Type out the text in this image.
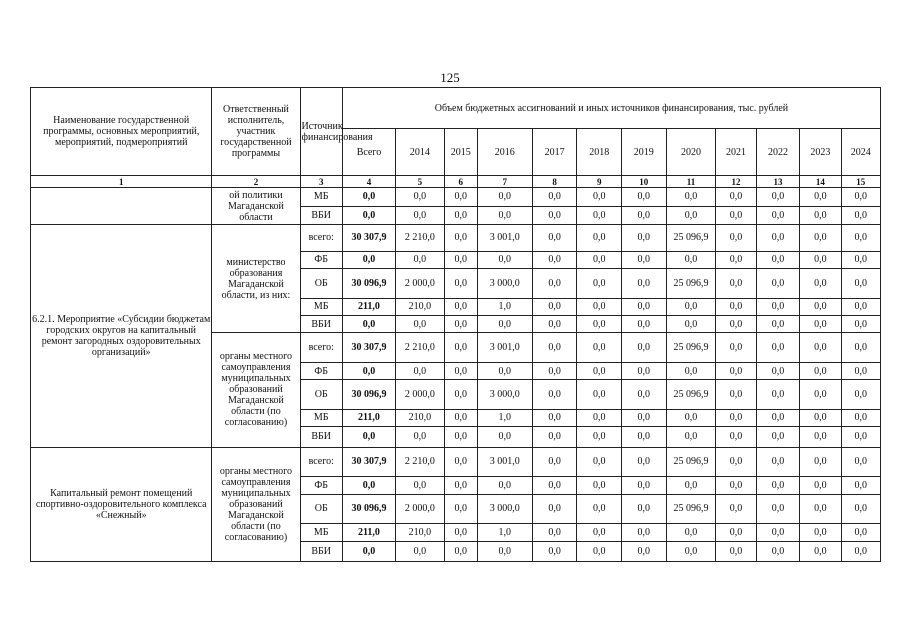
125
Наименование государственной программы, основных мероприятий, мероприятий, подмероприятий	Ответственный исполнитель, участник государственной программы	Источник финансирования	Объем бюджетных ассигнований и иных источников финансирования, тыс. рублей											
			Всего	2014	2015	2016	2017	2018	2019	2020	2021	2022	2023	2024
1	2	3	4	5	6	7	8	9	10	11	12	13	14	15
	ой политики Магаданской области	МБ	0,0	0,0	0,0	0,0	0,0	0,0	0,0	0,0	0,0	0,0	0,0	0,0
		ВБИ	0,0	0,0	0,0	0,0	0,0	0,0	0,0	0,0	0,0	0,0	0,0	0,0
6.2.1. Мероприятие «Субсидии бюджетам городских округов на капитальный ремонт загородных оздоровительных организаций»	министерство образования Магаданской области, из них:	всего:	30 307,9	2 210,0	0,0	3 001,0	0,0	0,0	0,0	25 096,9	0,0	0,0	0,0	0,0
		ФБ	0,0	0,0	0,0	0,0	0,0	0,0	0,0	0,0	0,0	0,0	0,0	0,0
		ОБ	30 096,9	2 000,0	0,0	3 000,0	0,0	0,0	0,0	25 096,9	0,0	0,0	0,0	0,0
		МБ	211,0	210,0	0,0	1,0	0,0	0,0	0,0	0,0	0,0	0,0	0,0	0,0
		ВБИ	0,0	0,0	0,0	0,0	0,0	0,0	0,0	0,0	0,0	0,0	0,0	0,0
	органы местного самоуправления муниципальных образований Магаданской области (по согласованию)	всего:	30 307,9	2 210,0	0,0	3 001,0	0,0	0,0	0,0	25 096,9	0,0	0,0	0,0	0,0
		ФБ	0,0	0,0	0,0	0,0	0,0	0,0	0,0	0,0	0,0	0,0	0,0	0,0
		ОБ	30 096,9	2 000,0	0,0	3 000,0	0,0	0,0	0,0	25 096,9	0,0	0,0	0,0	0,0
		МБ	211,0	210,0	0,0	1,0	0,0	0,0	0,0	0,0	0,0	0,0	0,0	0,0
		ВБИ	0,0	0,0	0,0	0,0	0,0	0,0	0,0	0,0	0,0	0,0	0,0	0,0
Капитальный ремонт помещений спортивно-оздоровительного комплекса «Снежный»	органы местного самоуправления муниципальных образований Магаданской области (по согласованию)	всего:	30 307,9	2 210,0	0,0	3 001,0	0,0	0,0	0,0	25 096,9	0,0	0,0	0,0	0,0
		ФБ	0,0	0,0	0,0	0,0	0,0	0,0	0,0	0,0	0,0	0,0	0,0	0,0
		ОБ	30 096,9	2 000,0	0,0	3 000,0	0,0	0,0	0,0	25 096,9	0,0	0,0	0,0	0,0
		МБ	211,0	210,0	0,0	1,0	0,0	0,0	0,0	0,0	0,0	0,0	0,0	0,0
		ВБИ	0,0	0,0	0,0	0,0	0,0	0,0	0,0	0,0	0,0	0,0	0,0	0,0
